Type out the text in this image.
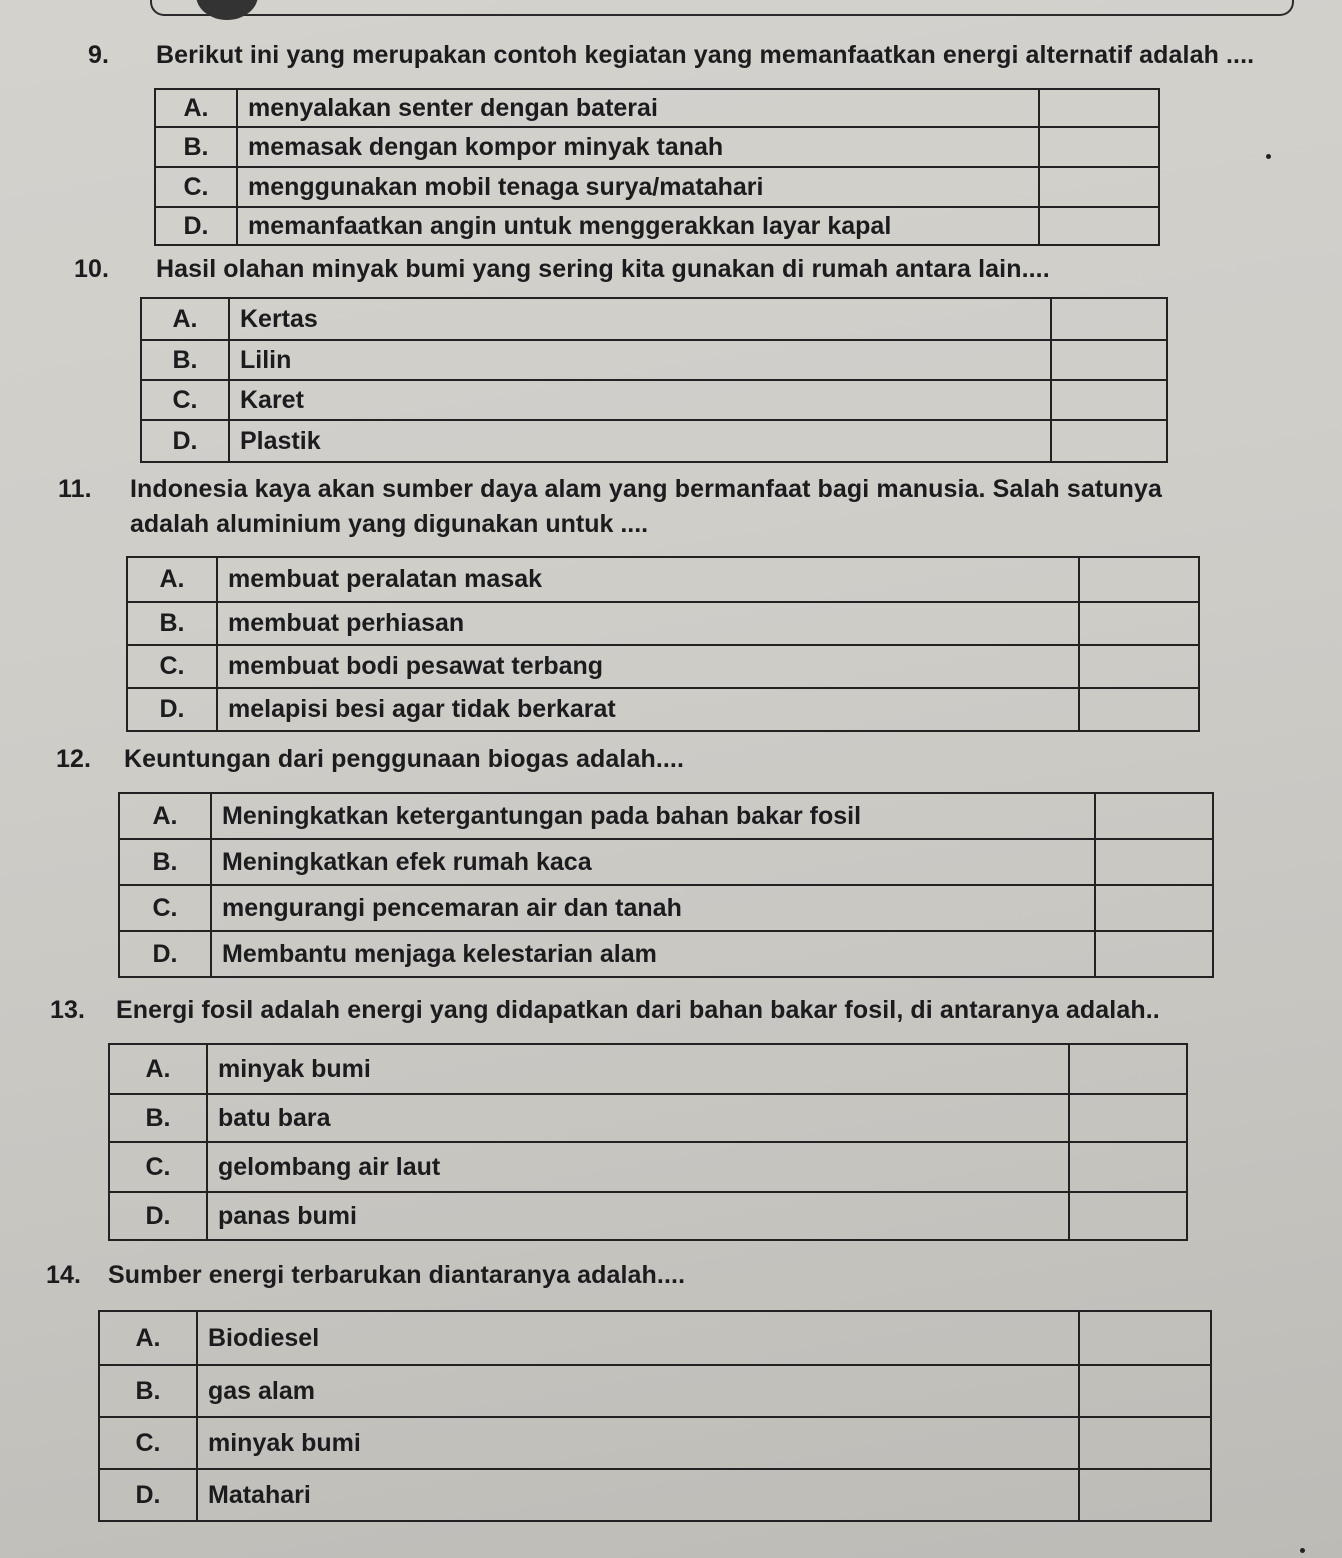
9. Berikut ini yang merupakan contoh kegiatan yang memanfaatkan energi alternatif adalah ....
A.	menyalakan senter dengan baterai	
B.	memasak dengan kompor minyak tanah	
C.	menggunakan mobil tenaga surya/matahari	
D.	memanfaatkan angin untuk menggerakkan layar kapal	
10. Hasil olahan minyak bumi yang sering kita gunakan di rumah antara lain....
A.	Kertas	
B.	Lilin	
C.	Karet	
D.	Plastik	
11. Indonesia kaya akan sumber daya alam yang bermanfaat bagi manusia. Salah satunya
adalah aluminium yang digunakan untuk ....
A.	membuat peralatan masak	
B.	membuat perhiasan	
C.	membuat bodi pesawat terbang	
D.	melapisi besi agar tidak berkarat	
12. Keuntungan dari penggunaan biogas adalah....
A.	Meningkatkan ketergantungan pada bahan bakar fosil	
B.	Meningkatkan efek rumah kaca	
C.	mengurangi pencemaran air dan tanah	
D.	Membantu menjaga kelestarian alam	
13. Energi fosil adalah energi yang didapatkan dari bahan bakar fosil, di antaranya adalah..
A.	minyak bumi	
B.	batu bara	
C.	gelombang air laut	
D.	panas bumi	
14. Sumber energi terbarukan diantaranya adalah....
A.	Biodiesel	
B.	gas alam	
C.	minyak bumi	
D.	Matahari	
